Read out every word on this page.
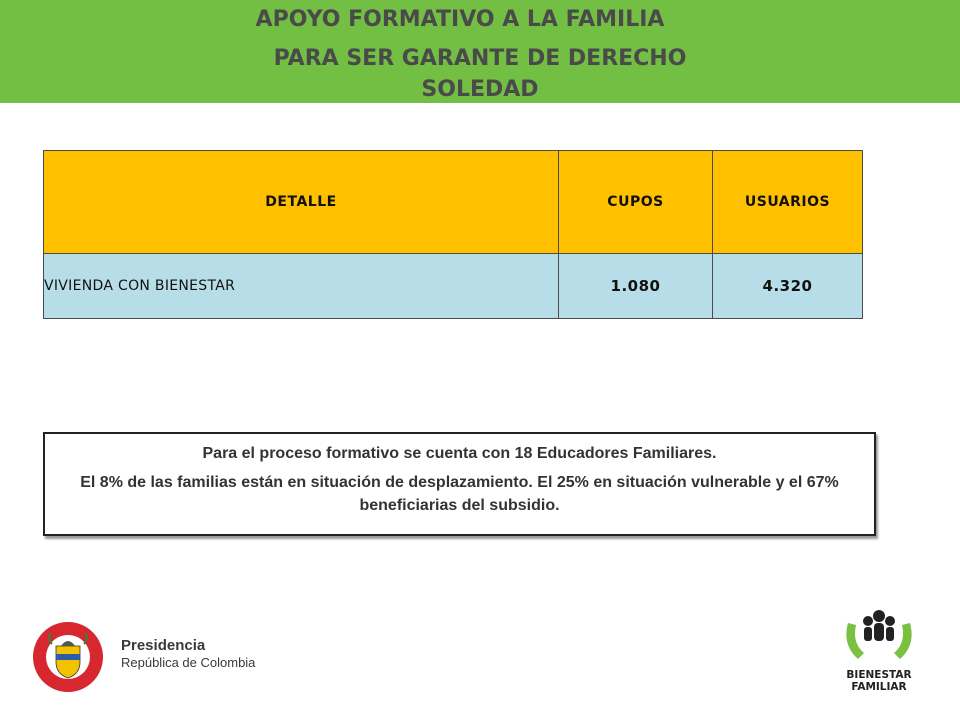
APOYO FORMATIVO A LA FAMILIA
PARA SER GARANTE DE DERECHO
SOLEDAD
DETALLE	CUPOS	USUARIOS
VIVIENDA CON BIENESTAR	1.080	4.320

Para el proceso formativo se cuenta con 18 Educadores Familiares.

El 8% de las familias están en situación de desplazamiento. El 25% en situación vulnerable y el 67% beneficiarias del subsidio.

Presidencia
República de Colombia
BIENESTAR
FAMILIAR
